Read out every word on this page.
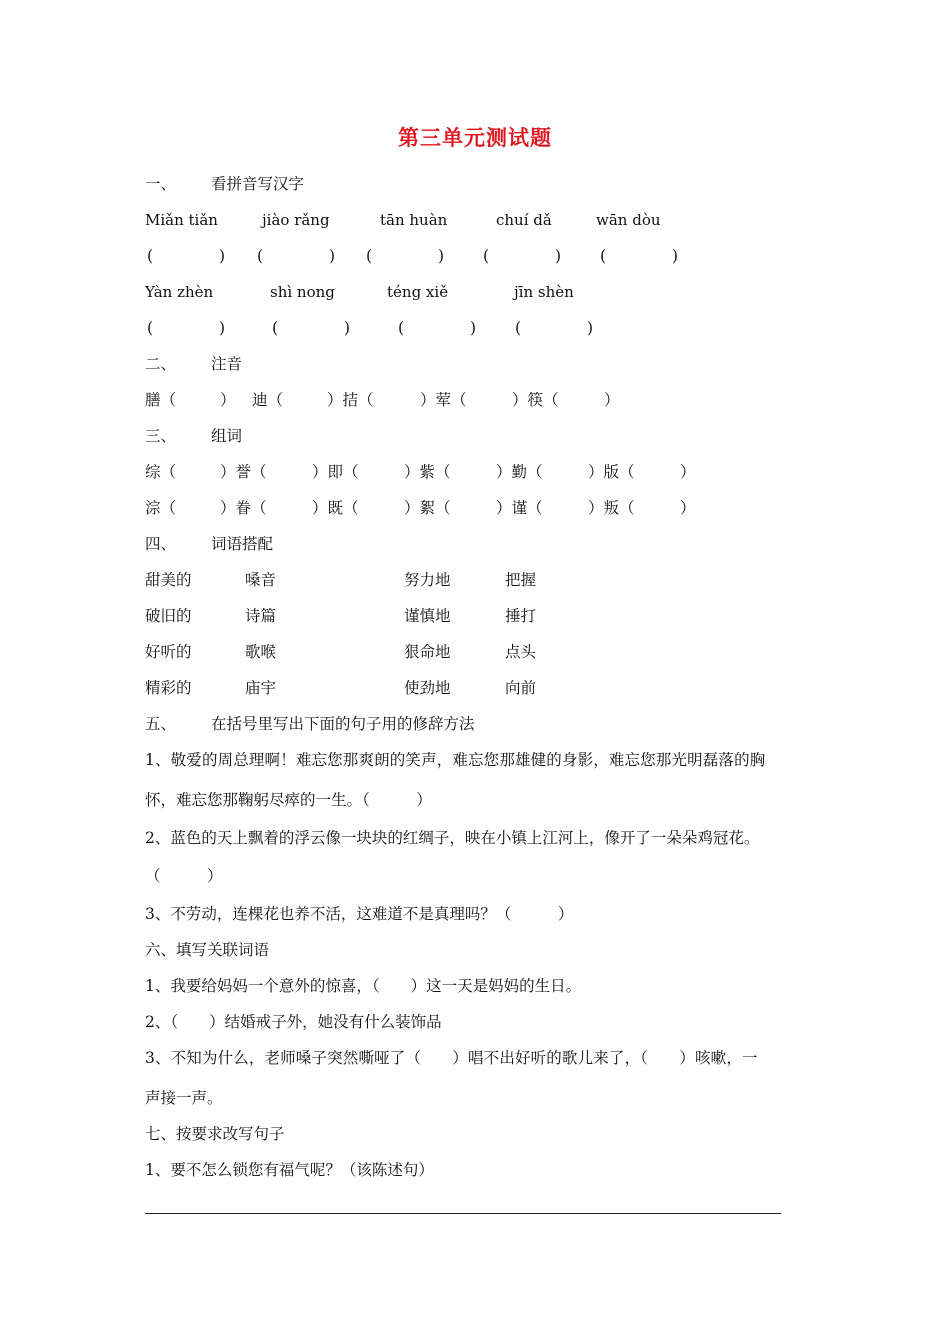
第三单元测试题
一、 看拼音写汉字
Miǎn tiǎn	jiào rǎng	tān huàn	chuí dǎ	wān dòu
(	) (	) (	)	(	)	(	)
Yàn zhèn	shì nong	téng xiě	jīn shèn
(	)	(	)	(	)	(	)
二、 注音
膳（	） 迪（	）拮（	）荤（	）筷（	）
三、 组词
综（	）誉（	）即（	）紫（	）勤（	）版（	）
淙（	）眷（	）既（	）絮（	）谨（	）叛（	）
四、 词语搭配
甜美的	嗓音	努力地	把握
破旧的	诗篇	谨慎地	捶打
好听的	歌喉	狠命地	点头
精彩的	庙宇	使劲地	向前
五、 在括号里写出下面的句子用的修辞方法
1、敬爱的周总理啊！难忘您那爽朗的笑声，难忘您那雄健的身影，难忘您那光明磊落的胸
怀，难忘您那鞠躬尽瘁的一生。（　　　）
2、蓝色的天上飘着的浮云像一块块的红绸子，映在小镇上江河上，像开了一朵朵鸡冠花。
（　　　）
3、不劳动，连棵花也养不活，这难道不是真理吗？（　　　）
六、填写关联词语
1、我要给妈妈一个意外的惊喜，（　　）这一天是妈妈的生日。
2、（　　）结婚戒子外，她没有什么装饰品
3、不知为什么，老师嗓子突然嘶哑了（　　）唱不出好听的歌儿来了，（　　）咳嗽，一
声接一声。
七、按要求改写句子
1、要不怎么锁您有福气呢？（该陈述句）
